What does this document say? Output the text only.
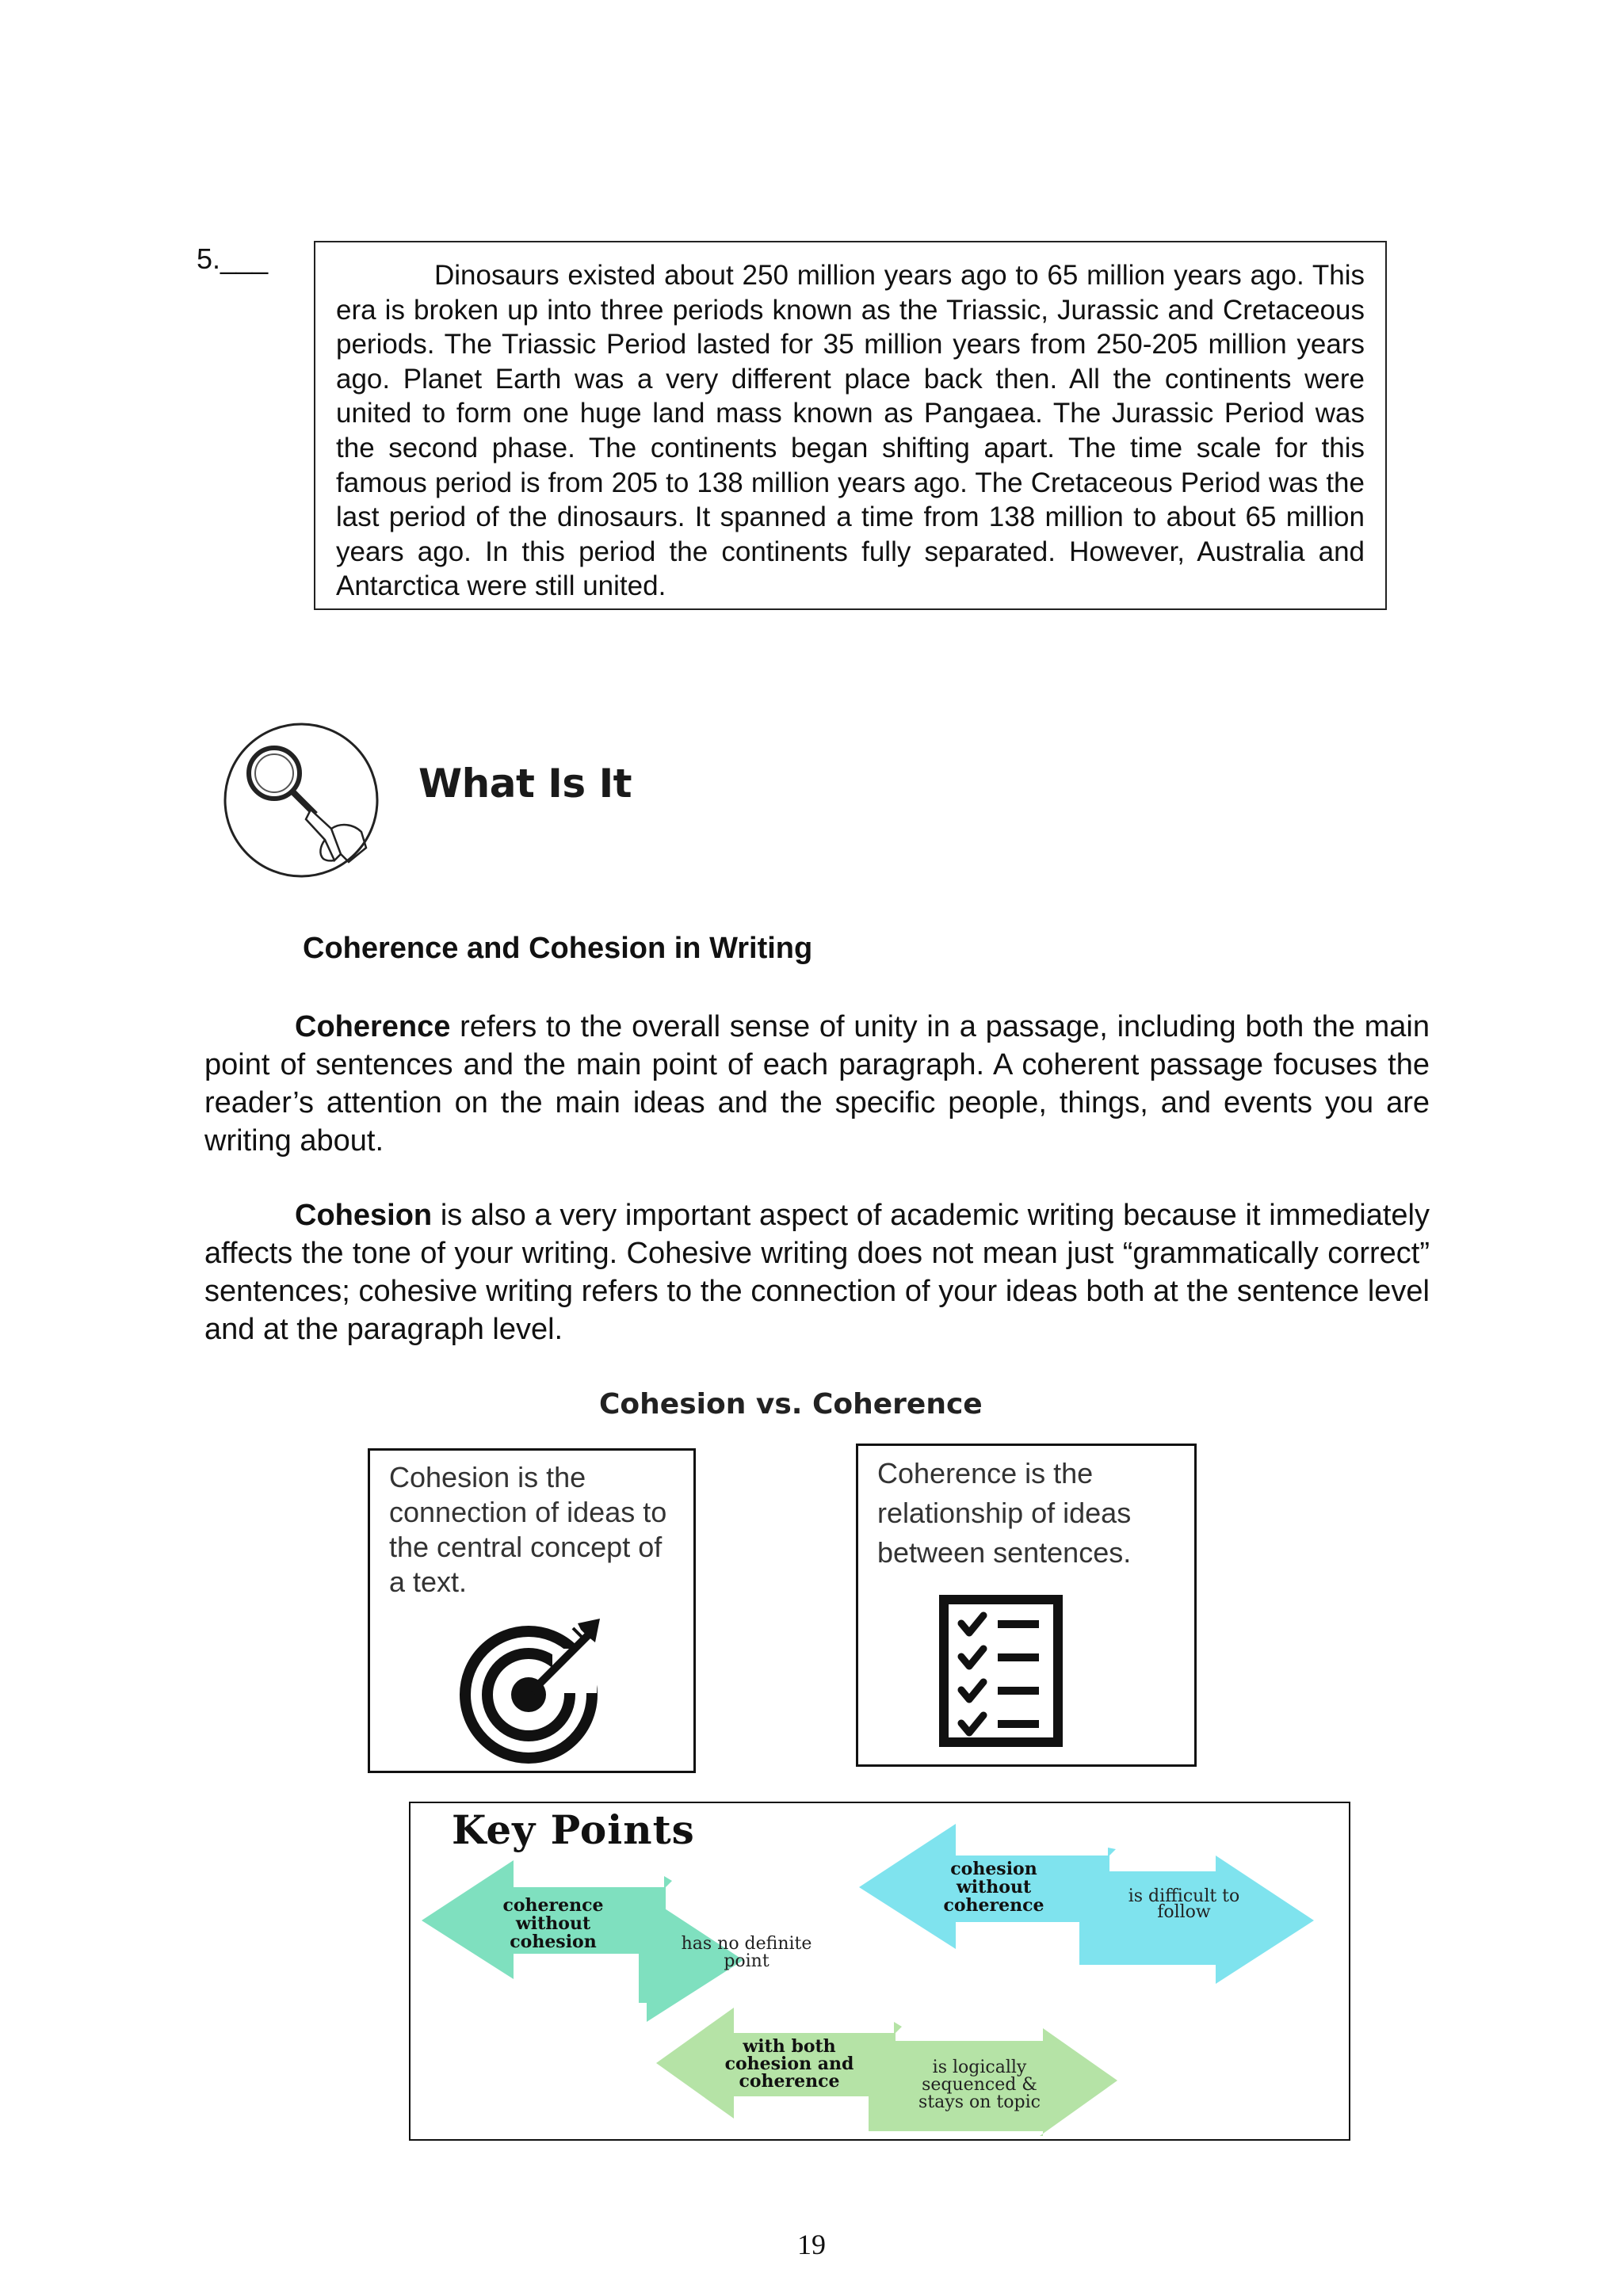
5.___
Dinosaurs existed about 250 million years ago to 65 million years ago. This era is broken up into three periods known as the Triassic, Jurassic and Cretaceous periods. The Triassic Period lasted for 35 million years from 250-205 million years ago. Planet Earth was a very different place back then. All the continents were united to form one huge land mass known as Pangaea. The Jurassic Period was the second phase. The continents began shifting apart. The time scale for this famous period is from 205 to 138 million years ago. The Cretaceous Period was the last period of the dinosaurs. It spanned a time from 138 million to about 65 million years ago. In this period the continents fully separated. However, Australia and Antarctica were still united.
What Is It
Coherence and Cohesion in Writing
Coherence refers to the overall sense of unity in a passage, including both the main point of sentences and the main point of each paragraph. A coherent passage focuses the reader’s attention on the main ideas and the specific people, things, and events you are writing about.
Cohesion is also a very important aspect of academic writing because it immediately affects the tone of your writing. Cohesive writing does not mean just “grammatically correct” sentences; cohesive writing refers to the connection of your ideas both at the sentence level and at the paragraph level.
Cohesion vs. Coherence
Cohesion is the connection of ideas to the central concept of a text.
Coherence is the relationship of ideas between sentences.
coherence
without
cohesion	has no definite
point
cohesion
without
coherence	is difficult to
follow
with both
cohesion and
coherence
is logically
sequenced &
stays on topic
Key Points
19
